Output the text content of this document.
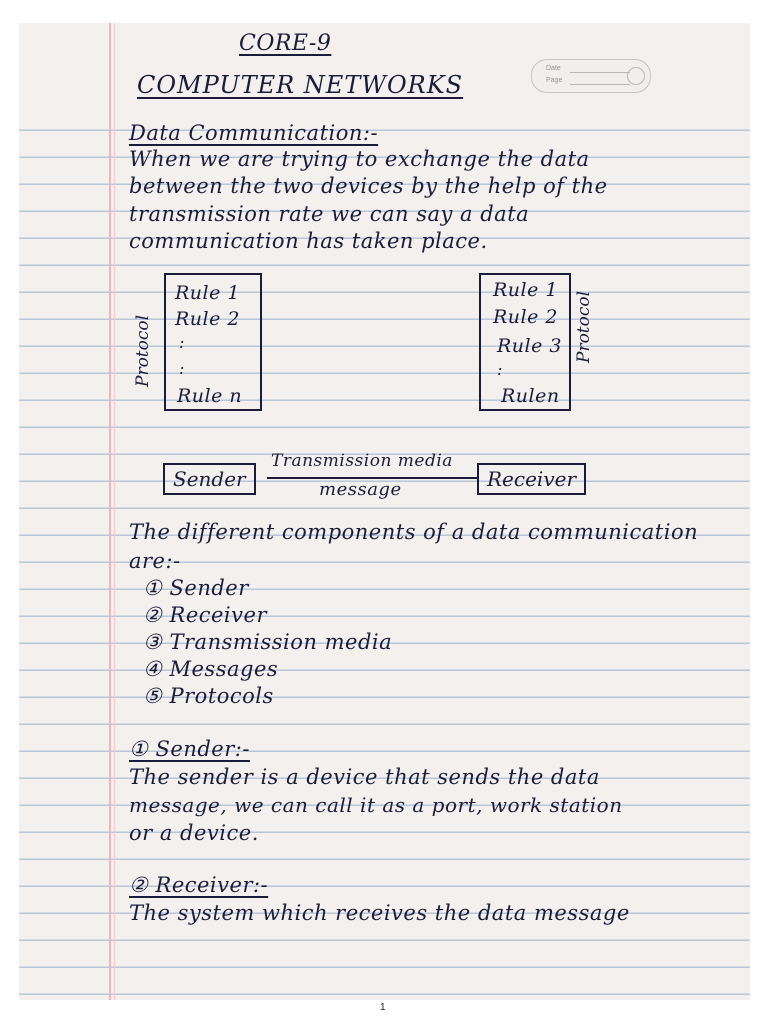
CORE-9
COMPUTER NETWORKS
Date
Page
Data Communication:-
When we are trying to exchange the data
between the two devices by the help of the
transmission rate we can say a data
communication has taken place.
Protocol
Rule 1
Rule 2
:
:
Rule n
Protocol
Rule 1
Rule 2
Rule 3
:
Rulen
Sender
Transmission media
message	Receiver
The different components of a data communication
are:-
① Sender
② Receiver
③ Transmission media
④ Messages
⑤ Protocols
① Sender:-
The sender is a device that sends the data
message, we can call it as a port, work station
or a device.
② Receiver:-
The system which receives the data message
1
